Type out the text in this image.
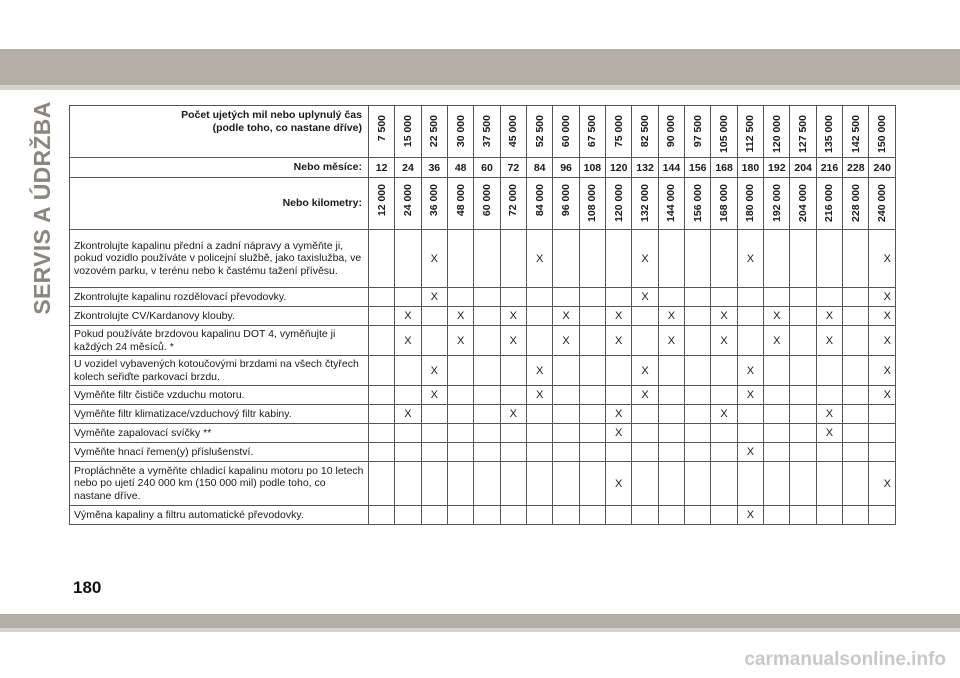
SERVIS A ÚDRŽBA	Počet ujetých mil nebo uplynulý čas
(podle toho, co nastane dříve)	7 500	15 000	22 500	30 000	37 500	45 000	52 500	60 000	67 500	75 000	82 500	90 000	97 500	105 000	112 500	120 000	127 500	135 000	142 500	150 000

Nebo měsíce:	12	24	36	48	60	72	84	96	108	120	132	144	156	168	180	192	204	216	228	240
Nebo kilometry:	12 000	24 000	36 000	48 000	60 000	72 000	84 000	96 000	108 000	120 000	132 000	144 000	156 000	168 000	180 000	192 000	204 000	216 000	228 000	240 000

Zkontrolujte kapalinu přední a zadní nápravy a vyměňte ji, pokud vozidlo používáte v policejní službě, jako taxislužba, ve vozovém parku, v terénu nebo k častému tažení přívěsu.			X				X				X				X					X
Zkontrolujte kapalinu rozdělovací převodovky.			X								X									X
Zkontrolujte CV/Kardanovy klouby.		X		X		X		X		X		X		X		X		X		X
Pokud používáte brzdovou kapalinu DOT 4, vyměňujte ji každých 24 měsíců. *		X		X		X		X		X		X		X		X		X		X
U vozidel vybavených kotoučovými brzdami na všech čtyřech kolech seřiďte parkovací brzdu.			X				X				X				X					X
Vyměňte filtr čističe vzduchu motoru.			X				X				X				X					X
Vyměňte filtr klimatizace/vzduchový filtr kabiny.		X				X				X				X				X		
Vyměňte zapalovací svíčky **										X								X		
Vyměňte hnací řemen(y) příslušenství.															X					
Propláchněte a vyměňte chladicí kapalinu motoru po 10 letech nebo po ujetí 240 000 km (150 000 mil) podle toho, co nastane dříve.										X										X
Výměna kapaliny a filtru automatické převodovky.															X					
180
carmanualsonline.info
